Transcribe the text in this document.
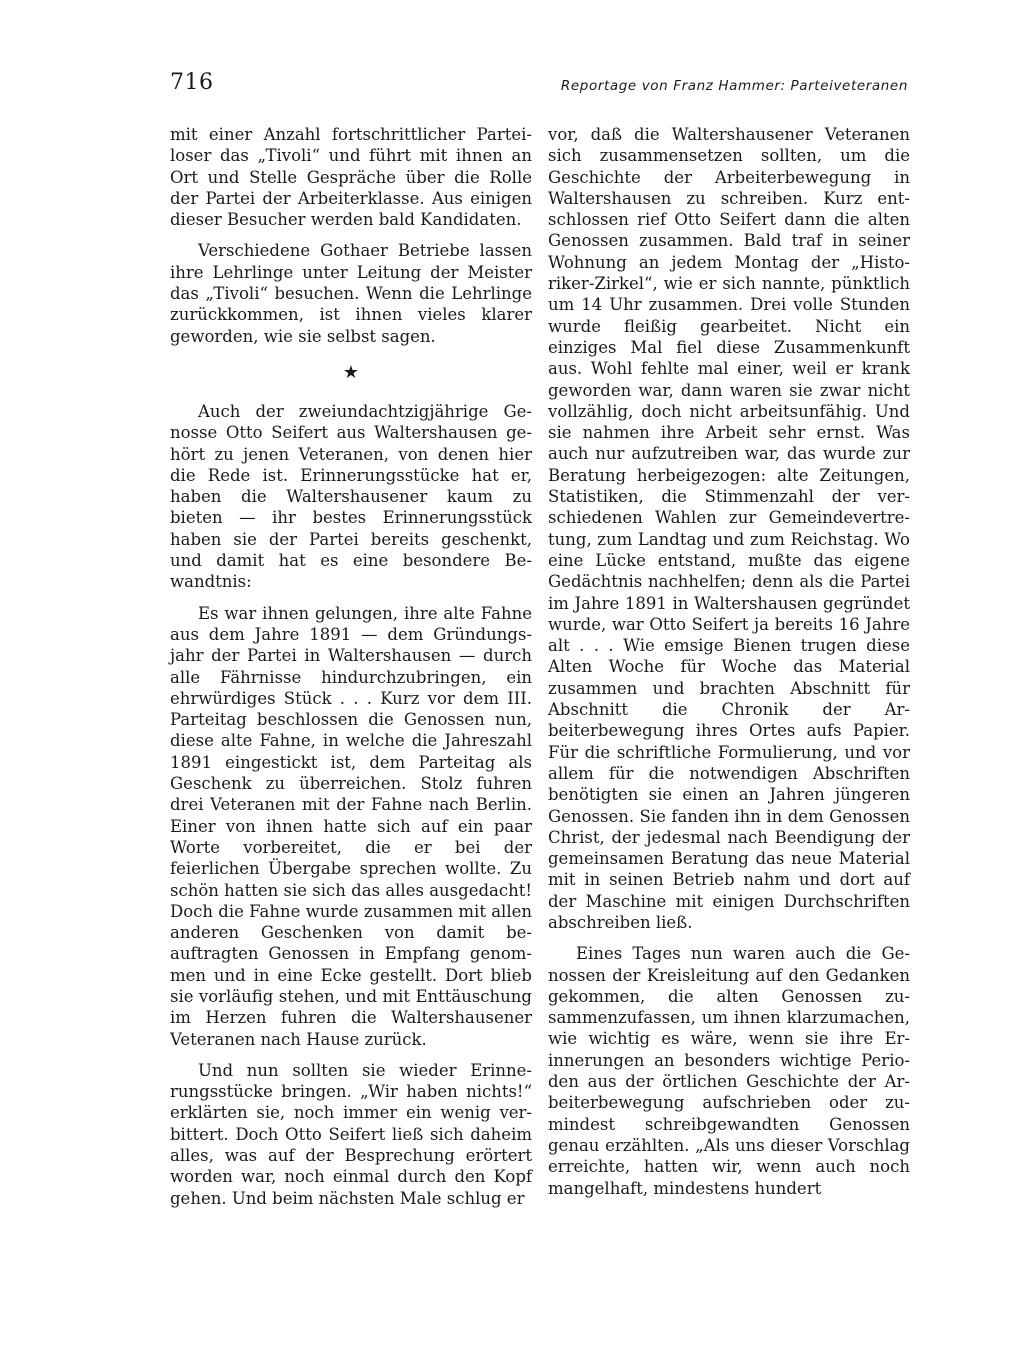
716	Reportage von Franz Hammer: Parteiveteranen

mit einer Anzahl fortschrittlicher Parteiloser das „Tivoli“ und führt mit ihnen an Ort und Stelle Gespräche über die Rolle der Partei der Arbeiterklasse. Aus einigen dieser Besucher werden bald Kandidaten.

Verschiedene Gothaer Betriebe lassen ihre Lehrlinge unter Leitung der Meister das „Tivoli“ besuchen. Wenn die Lehrlinge zurückkommen, ist ihnen vieles klarer geworden, wie sie selbst sagen.

★

Auch der zweiundachtzigjährige Genosse Otto Seifert aus Waltershausen gehört zu jenen Veteranen, von denen hier die Rede ist. Erinnerungsstücke hat er, haben die Waltershausener kaum zu bieten — ihr bestes Erinnerungsstück haben sie der Partei bereits geschenkt, und damit hat es eine besondere Bewandtnis:

Es war ihnen gelungen, ihre alte Fahne aus dem Jahre 1891 — dem Gründungsjahr der Partei in Waltershausen — durch alle Fährnisse hindurchzubringen, ein ehrwürdiges Stück . . . Kurz vor dem III. Parteitag beschlossen die Genossen nun, diese alte Fahne, in welche die Jahreszahl 1891 eingestickt ist, dem Parteitag als Geschenk zu überreichen. Stolz fuhren drei Veteranen mit der Fahne nach Berlin. Einer von ihnen hatte sich auf ein paar Worte vorbereitet, die er bei der feierlichen Übergabe sprechen wollte. Zu schön hatten sie sich das alles ausgedacht! Doch die Fahne wurde zusammen mit allen anderen Geschenken von damit beauftragten Genossen in Empfang genommen und in eine Ecke gestellt. Dort blieb sie vorläufig stehen, und mit Enttäuschung im Herzen fuhren die Waltershausener Veteranen nach Hause zurück.

Und nun sollten sie wieder Erinnerungsstücke bringen. „Wir haben nichts!“ erklärten sie, noch immer ein wenig verbittert. Doch Otto Seifert ließ sich daheim alles, was auf der Besprechung erörtert worden war, noch einmal durch den Kopf gehen. Und beim nächsten Male schlug er

vor, daß die Waltershausener Veteranen sich zusammensetzen sollten, um die Geschichte der Arbeiterbewegung in Waltershausen zu schreiben. Kurz entschlossen rief Otto Seifert dann die alten Genossen zusammen. Bald traf in seiner Wohnung an jedem Montag der „Historiker-Zirkel“, wie er sich nannte, pünktlich um 14 Uhr zusammen. Drei volle Stunden wurde fleißig gearbeitet. Nicht ein einziges Mal fiel diese Zusammenkunft aus. Wohl fehlte mal einer, weil er krank geworden war, dann waren sie zwar nicht vollzählig, doch nicht arbeitsunfähig. Und sie nahmen ihre Arbeit sehr ernst. Was auch nur aufzutreiben war, das wurde zur Beratung herbeigezogen: alte Zeitungen, Statistiken, die Stimmenzahl der verschiedenen Wahlen zur Gemeindevertretung, zum Landtag und zum Reichstag. Wo eine Lücke entstand, mußte das eigene Gedächtnis nachhelfen; denn als die Partei im Jahre 1891 in Waltershausen gegründet wurde, war Otto Seifert ja bereits 16 Jahre alt . . . Wie emsige Bienen trugen diese Alten Woche für Woche das Material zusammen und brachten Abschnitt für Abschnitt die Chronik der Arbeiterbewegung ihres Ortes aufs Papier. Für die schriftliche Formulierung, und vor allem für die notwendigen Abschriften benötigten sie einen an Jahren jüngeren Genossen. Sie fanden ihn in dem Genossen Christ, der jedesmal nach Beendigung der gemeinsamen Beratung das neue Material mit in seinen Betrieb nahm und dort auf der Maschine mit einigen Durchschriften abschreiben ließ.

Eines Tages nun waren auch die Genossen der Kreisleitung auf den Gedanken gekommen, die alten Genossen zusammenzufassen, um ihnen klarzumachen, wie wichtig es wäre, wenn sie ihre Erinnerungen an besonders wichtige Perioden aus der örtlichen Geschichte der Arbeiterbewegung aufschrieben oder zumindest schreibgewandten Genossen genau erzählten. „Als uns dieser Vorschlag erreichte, hatten wir, wenn auch noch mangelhaft, mindestens hundert
